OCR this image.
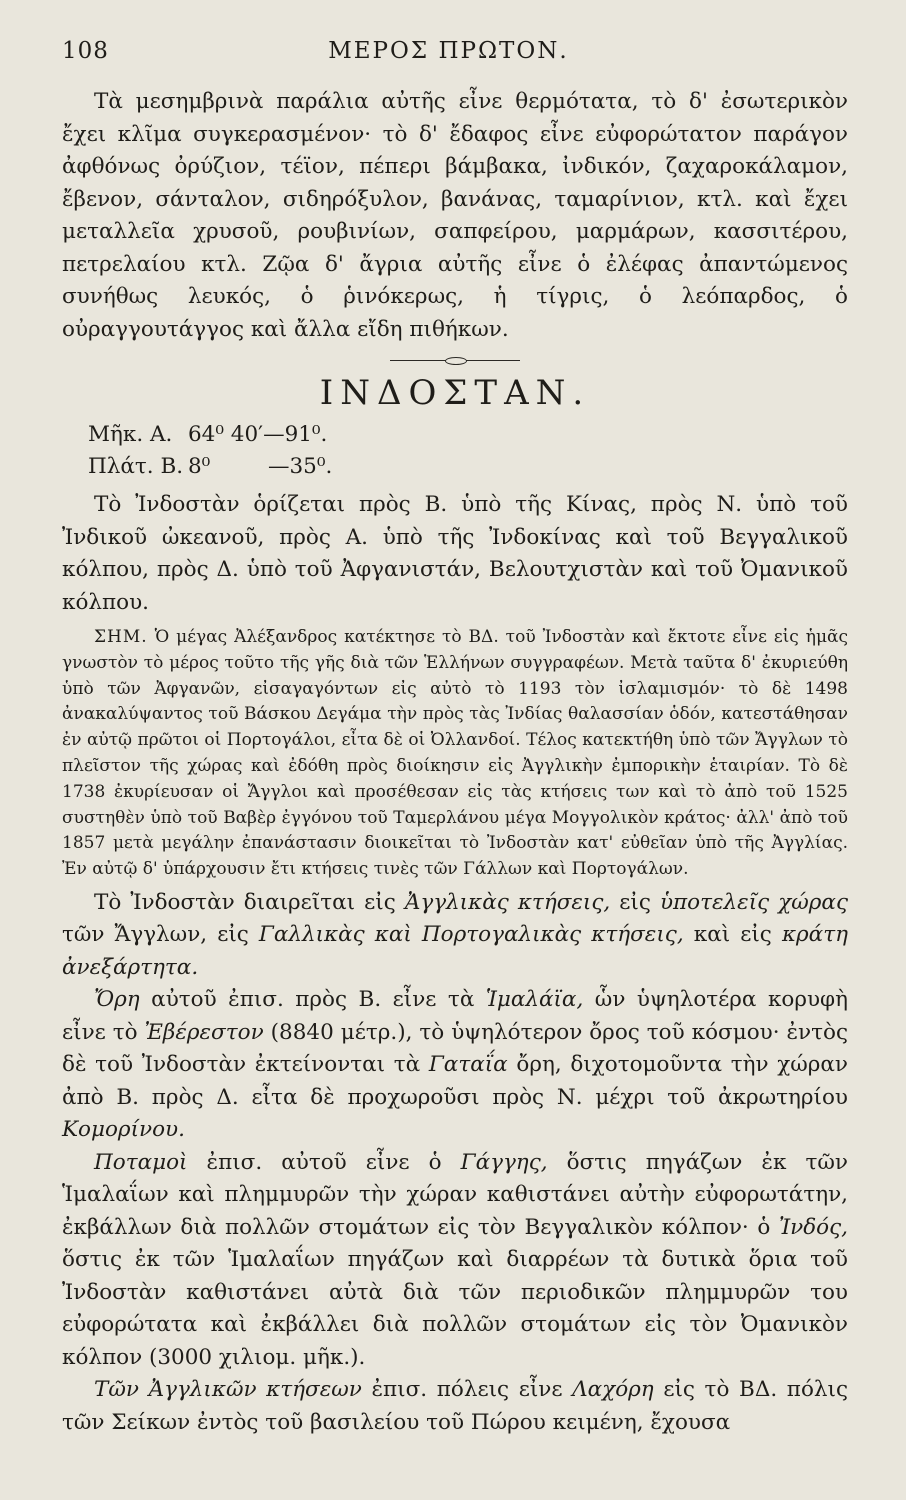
108	ΜΕΡΟΣ ΠΡΩΤΟΝ.

Τὰ μεσημβρινὰ παράλια αὐτῆς εἶνε θερμότατα, τὸ δ' ἐσωτερικὸν ἔχει κλῖμα συγκερασμένον· τὸ δ' ἔδαφος εἶνε εὐφορώτατον παράγον ἀφθόνως ὀρύζιον, τέϊον, πέπερι βάμβακα, ἰνδικόν, ζαχαροκάλαμον, ἔβενον, σάνταλον, σιδηρόξυλον, βανάνας, ταμαρίνιον, κτλ. καὶ ἔχει μεταλλεῖα χρυσοῦ, ρουβινίων, σαπφείρου, μαρμάρων, κασσιτέρου, πετρελαίου κτλ. Ζῷα δ' ἄγρια αὐτῆς εἶνε ὁ ἐλέφας ἀπαντώμενος συνήθως λευκός, ὁ ῥινόκερως, ἡ τίγρις, ὁ λεόπαρδος, ὁ οὐραγγουτάγγος καὶ ἄλλα εἴδη πιθήκων.

ΙΝΔΟΣΤΑΝ.
Μῆκ. Α. 64⁰ 40′ —91⁰.
Πλάτ. Β. 8⁰	—35⁰.

Τὸ Ἰνδοστὰν ὁρίζεται πρὸς Β. ὑπὸ τῆς Κίνας, πρὸς Ν. ὑπὸ τοῦ Ἰνδικοῦ ὠκεανοῦ, πρὸς Α. ὑπὸ τῆς Ἰνδοκίνας καὶ τοῦ Βεγγαλικοῦ κόλπου, πρὸς Δ. ὑπὸ τοῦ Ἀφγανιστάν, Βελουτχιστὰν καὶ τοῦ Ὀμανικοῦ κόλπου.

ΣΗΜ. Ὁ μέγας Ἀλέξανδρος κατέκτησε τὸ ΒΔ. τοῦ Ἰνδοστὰν καὶ ἔκτοτε εἶνε εἰς ἡμᾶς γνωστὸν τὸ μέρος τοῦτο τῆς γῆς διὰ τῶν Ἑλλήνων συγγραφέων. Μετὰ ταῦτα δ' ἐκυριεύθη ὑπὸ τῶν Ἀφγανῶν, εἰσαγαγόντων εἰς αὐτὸ τὸ 1193 τὸν ἰσλαμισμόν· τὸ δὲ 1498 ἀνακαλύψαντος τοῦ Βάσκου Δεγάμα τὴν πρὸς τὰς Ἰνδίας θαλασσίαν ὁδόν, κατεστάθησαν ἐν αὐτῷ πρῶτοι οἱ Πορτογάλοι, εἶτα δὲ οἱ Ὀλλανδοί. Τέλος κατεκτήθη ὑπὸ τῶν Ἄγγλων τὸ πλεῖστον τῆς χώρας καὶ ἐδόθη πρὸς διοίκησιν εἰς Ἀγγλικὴν ἐμπορικὴν ἑταιρίαν. Τὸ δὲ 1738 ἐκυρίευσαν οἱ Ἄγγλοι καὶ προσέθεσαν εἰς τὰς κτήσεις των καὶ τὸ ἀπὸ τοῦ 1525 συστηθὲν ὑπὸ τοῦ Βαβὲρ ἐγγόνου τοῦ Ταμερλάνου μέγα Μογγολικὸν κράτος· ἀλλ' ἀπὸ τοῦ 1857 μετὰ μεγάλην ἐπανάστασιν διοικεῖται τὸ Ἰνδοστὰν κατ' εὐθεῖαν ὑπὸ τῆς Ἀγγλίας. Ἐν αὐτῷ δ' ὑπάρχουσιν ἔτι κτήσεις τινὲς τῶν Γάλλων καὶ Πορτογάλων.

Τὸ Ἰνδοστὰν διαιρεῖται εἰς Ἀγγλικὰς κτήσεις, εἰς ὑποτελεῖς χώρας τῶν Ἄγγλων, εἰς Γαλλικὰς καὶ Πορτογαλικὰς κτήσεις, καὶ εἰς κράτη ἀνεξάρτητα.

Ὄρη αὐτοῦ ἐπισ. πρὸς Β. εἶνε τὰ Ἱμαλάϊα, ὧν ὑψηλοτέρα κορυφὴ εἶνε τὸ Ἐβέρεστον (8840 μέτρ.), τὸ ὑψηλότερον ὄρος τοῦ κόσμου· ἐντὸς δὲ τοῦ Ἰνδοστὰν ἐκτείνονται τὰ Γαταΐα ὄρη, διχοτομοῦντα τὴν χώραν ἀπὸ Β. πρὸς Δ. εἶτα δὲ προχωροῦσι πρὸς Ν. μέχρι τοῦ ἀκρωτηρίου Κομορίνου.

Ποταμοὶ ἐπισ. αὐτοῦ εἶνε ὁ Γάγγης, ὅστις πηγάζων ἐκ τῶν Ἱμαλαΐων καὶ πλημμυρῶν τὴν χώραν καθιστάνει αὐτὴν εὐφορωτάτην, ἐκβάλλων διὰ πολλῶν στομάτων εἰς τὸν Βεγγαλικὸν κόλπον· ὁ Ἰνδός, ὅστις ἐκ τῶν Ἱμαλαΐων πηγάζων καὶ διαρρέων τὰ δυτικὰ ὅρια τοῦ Ἰνδοστὰν καθιστάνει αὐτὰ διὰ τῶν περιοδικῶν πλημμυρῶν του εὐφορώτατα καὶ ἐκβάλλει διὰ πολλῶν στομάτων εἰς τὸν Ὀμανικὸν κόλπον (3000 χιλιομ. μῆκ.).

Τῶν Ἀγγλικῶν κτήσεων ἐπισ. πόλεις εἶνε Λαχόρη εἰς τὸ ΒΔ. πόλις τῶν Σείκων ἐντὸς τοῦ βασιλείου τοῦ Πώρου κειμένη, ἔχουσα
